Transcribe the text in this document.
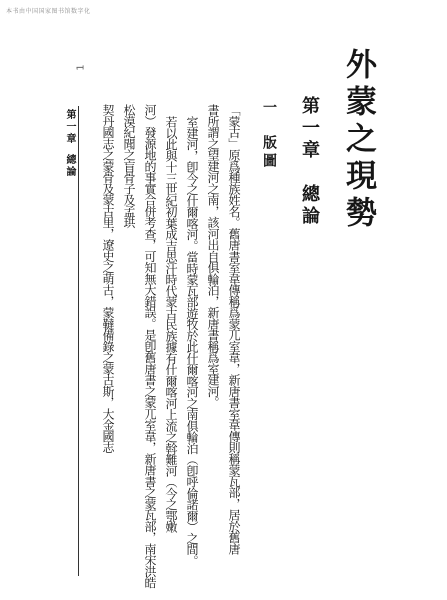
本书由中国国家图书馆数字化
外蒙之現勢
第一章　總論
一　版圖
「蒙古」原爲種族姓名。舊唐書室韋傳稱爲蒙兀室韋，新唐書室韋傳則稱蒙瓦部，居於舊唐
書所謂之望建河之南，該河出自俱輪泊，新唐書稱爲室建河。
室建河，卽今之什爾喀河。當時蒙瓦部遊牧於此什爾喀河之南俱輪泊（卽呼倫諾爾）之間。
若以此與十三世紀初葉成吉思汗時代蒙古民族據有什爾喀河上流之斡難河（今之鄂嫩
河）發源地的事實合併考查，可知無大錯誤。是卽舊唐書之蒙兀室韋，新唐書之蒙瓦部，南宋洪皓
松漠紀聞之盲骨子及孟珙
契丹國志之蒙骨及蒙古里，遼史之萌古，蒙韃備錄之蒙古斯，大金國志
第一章總論
1
